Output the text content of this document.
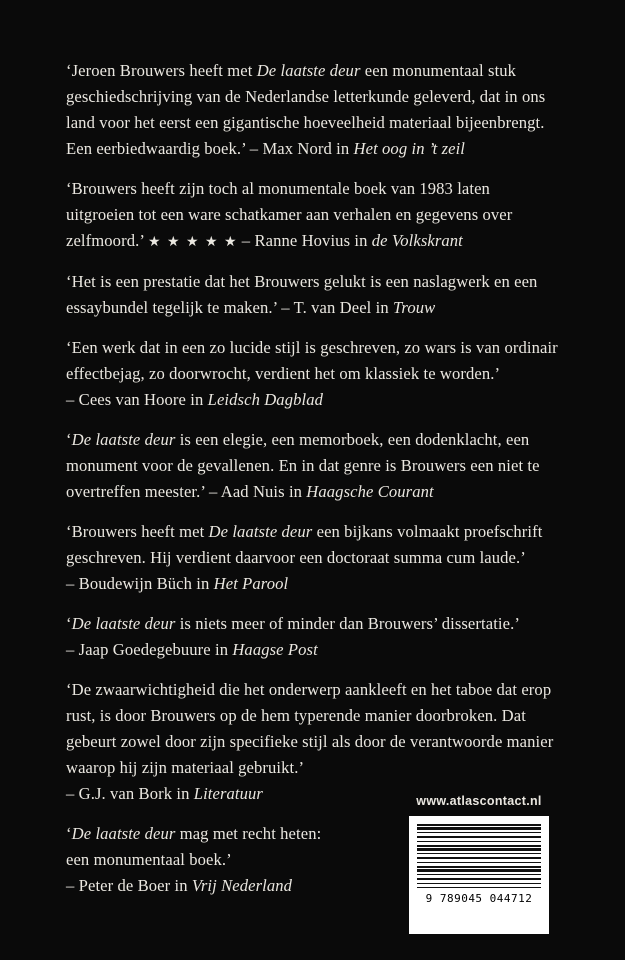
‘Jeroen Brouwers heeft met De laatste deur een monumentaal stuk geschiedschrijving van de Nederlandse letterkunde geleverd, dat in ons land voor het eerst een gigantische hoeveelheid materiaal bijeenbrengt. Een eerbiedwaardig boek.’ – Max Nord in Het oog in ’t zeil

‘Brouwers heeft zijn toch al monumentale boek van 1983 laten uitgroeien tot een ware schatkamer aan verhalen en gegevens over zelfmoord.’ ★ ★ ★ ★ ★ – Ranne Hovius in de Volkskrant

‘Het is een prestatie dat het Brouwers gelukt is een naslagwerk en een essaybundel tegelijk te maken.’ – T. van Deel in Trouw

‘Een werk dat in een zo lucide stijl is geschreven, zo wars is van ordinair effectbejag, zo doorwrocht, verdient het om klassiek te worden.’
– Cees van Hoore in Leidsch Dagblad

‘De laatste deur is een elegie, een memorboek, een dodenklacht, een monument voor de gevallenen. En in dat genre is Brouwers een niet te overtreffen meester.’ – Aad Nuis in Haagsche Courant

‘Brouwers heeft met De laatste deur een bijkans volmaakt proefschrift geschreven. Hij verdient daarvoor een doctoraat summa cum laude.’
– Boudewijn Büch in Het Parool

‘De laatste deur is niets meer of minder dan Brouwers’ dissertatie.’
– Jaap Goedegebuure in Haagse Post

‘De zwaarwichtigheid die het onderwerp aankleeft en het taboe dat erop rust, is door Brouwers op de hem typerende manier doorbroken. Dat gebeurt zowel door zijn specifieke stijl als door de verantwoorde manier waarop hij zijn materiaal gebruikt.’
– G.J. van Bork in Literatuur

‘De laatste deur mag met recht heten:
een monumentaal boek.’
– Peter de Boer in Vrij Nederland

www.atlascontact.nl
9 789045 044712
